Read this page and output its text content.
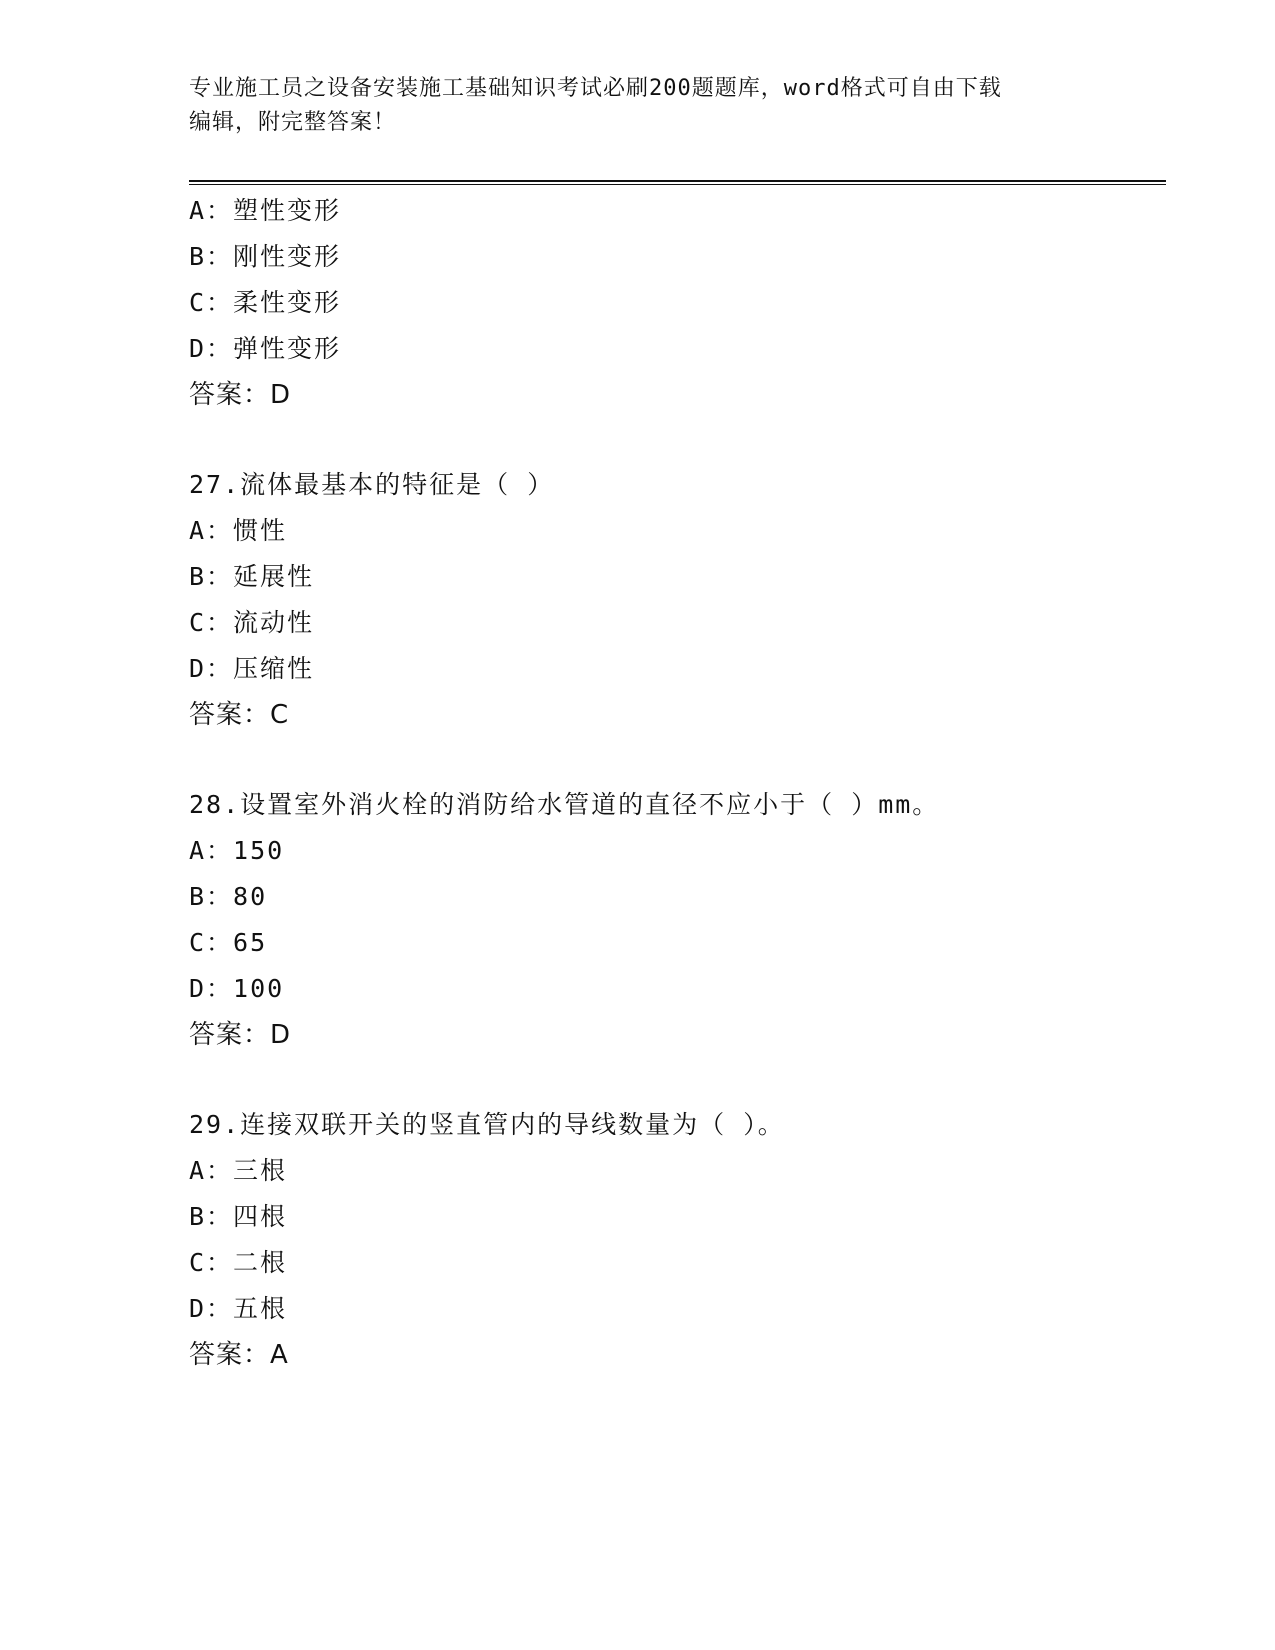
专业施工员之设备安装施工基础知识考试必刷200题题库，word格式可自由下载
编辑，附完整答案！
A：塑性变形
B：刚性变形
C：柔性变形
D：弹性变形
答案：D
27.流体最基本的特征是（ ）
A：惯性
B：延展性
C：流动性
D：压缩性
答案：C
28.设置室外消火栓的消防给水管道的直径不应小于（ ）mm。
A：150
B：80
C：65
D：100
答案：D
29.连接双联开关的竖直管内的导线数量为（ ）。
A：三根
B：四根
C：二根
D：五根
答案：A
